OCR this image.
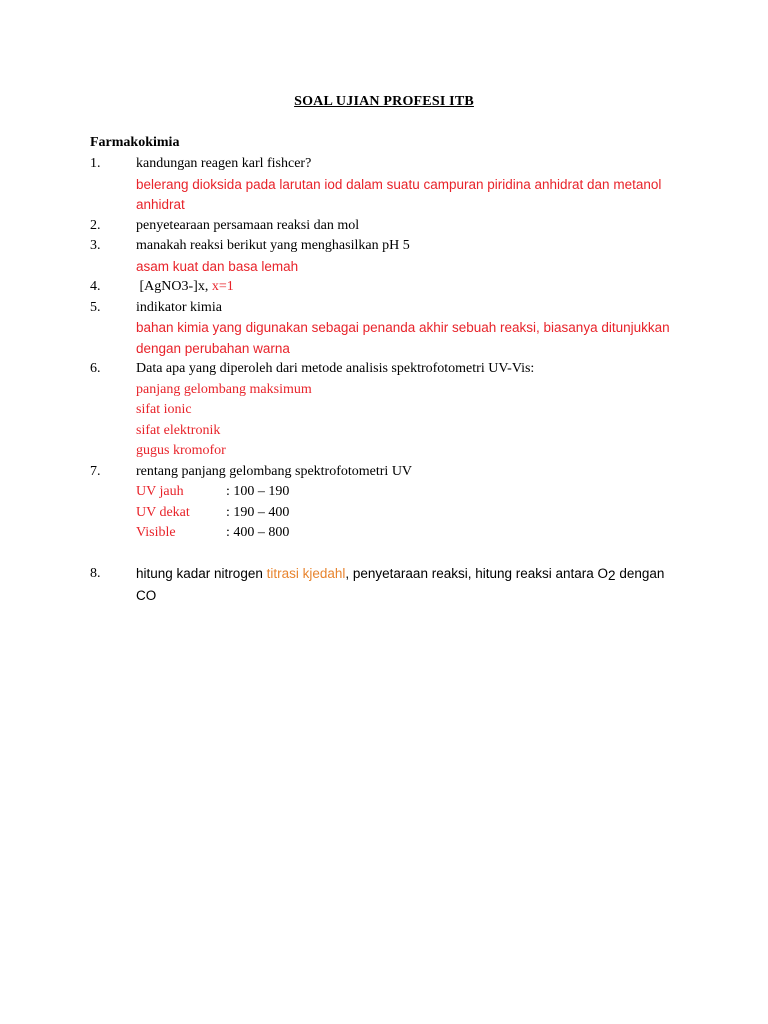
SOAL UJIAN PROFESI ITB
Farmakokimia
1.	kandungan reagen karl fishcer?
belerang dioksida pada larutan iod dalam suatu campuran piridina anhidrat dan metanol anhidrat
2.	penyetearaan persamaan reaksi dan mol
3.	manakah reaksi berikut yang menghasilkan pH 5
asam kuat dan basa lemah
4.	[AgNO3-]x, x=1
5.	indikator kimia
bahan kimia yang digunakan sebagai penanda akhir sebuah reaksi, biasanya ditunjukkan dengan perubahan warna
6.	Data apa yang diperoleh dari metode analisis spektrofotometri UV-Vis:
panjang gelombang maksimum
sifat ionic
sifat elektronik
gugus kromofor
7.	rentang panjang gelombang spektrofotometri UV
UV jauh	: 100 – 190
UV dekat	: 190 – 400
Visible	: 400 – 800
8.	hitung kadar nitrogen titrasi kjedahl, penyetaraan reaksi, hitung reaksi antara $O_2$ dengan
CO
